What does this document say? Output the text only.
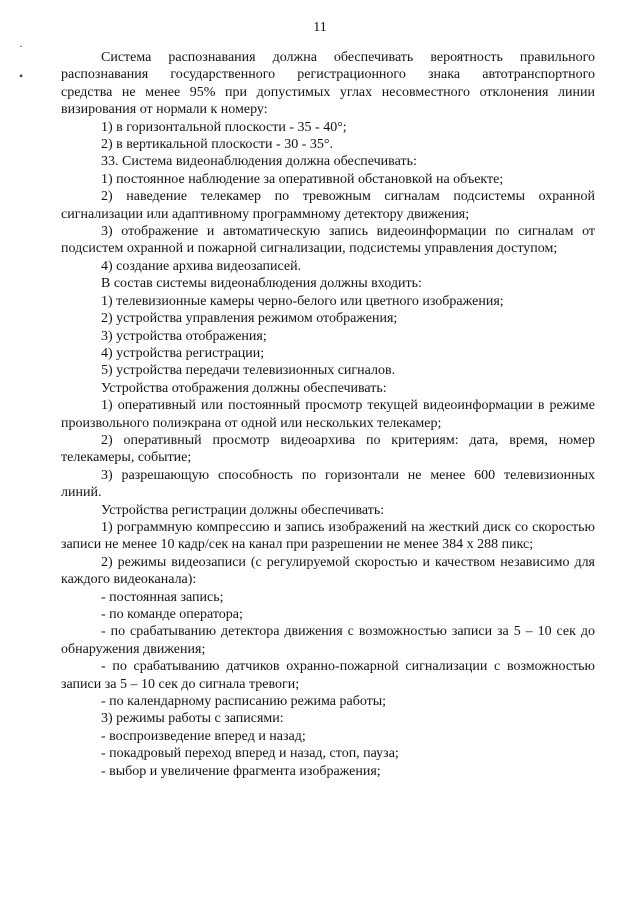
11
·
•

Система распознавания должна обеспечивать вероятность правильного

распознавания государственного регистрационного знака автотранспортного

средства не менее 95% при допустимых углах несовместного отклонения линии

визирования от нормали к номеру:

1) в горизонтальной плоскости - 35 - 40°;

2) в вертикальной плоскости - 30 - 35°.

33. Система видеонаблюдения должна обеспечивать:

1) постоянное наблюдение за оперативной обстановкой на объекте;

2) наведение телекамер по тревожным сигналам подсистемы охранной сигнализации или адаптивному программному детектору движения;

3) отображение и автоматическую запись видеоинформации по сигналам от подсистем охранной и пожарной сигнализации, подсистемы управления доступом;

4) создание архива видеозаписей.

В состав системы видеонаблюдения должны входить:

1) телевизионные камеры черно-белого или цветного изображения;

2) устройства управления режимом отображения;

3) устройства отображения;

4) устройства регистрации;

5) устройства передачи телевизионных сигналов.

Устройства отображения должны обеспечивать:

1) оперативный или постоянный просмотр текущей видеоинформации в режиме произвольного полиэкрана от одной или нескольких телекамер;

2) оперативный просмотр видеоархива по критериям: дата, время, номер телекамеры, событие;

3) разрешающую способность по горизонтали не менее 600 телевизионных линий.

Устройства регистрации должны обеспечивать:

1) рограммную компрессию и запись изображений на жесткий диск со скоростью записи не менее 10 кадр/сек на канал при разрешении не менее 384 х 288 пикс;

2) режимы видеозаписи (с регулируемой скоростью и качеством независимо для каждого видеоканала):

- постоянная запись;

- по команде оператора;

- по срабатыванию детектора движения с возможностью записи за 5 – 10 сек до обнаружения движения;

- по срабатыванию датчиков охранно-пожарной сигнализации с возможностью записи за 5 – 10 сек до сигнала тревоги;

- по календарному расписанию режима работы;

3) режимы работы с записями:

- воспроизведение вперед и назад;

- покадровый переход вперед и назад, стоп, пауза;

- выбор и увеличение фрагмента изображения;
